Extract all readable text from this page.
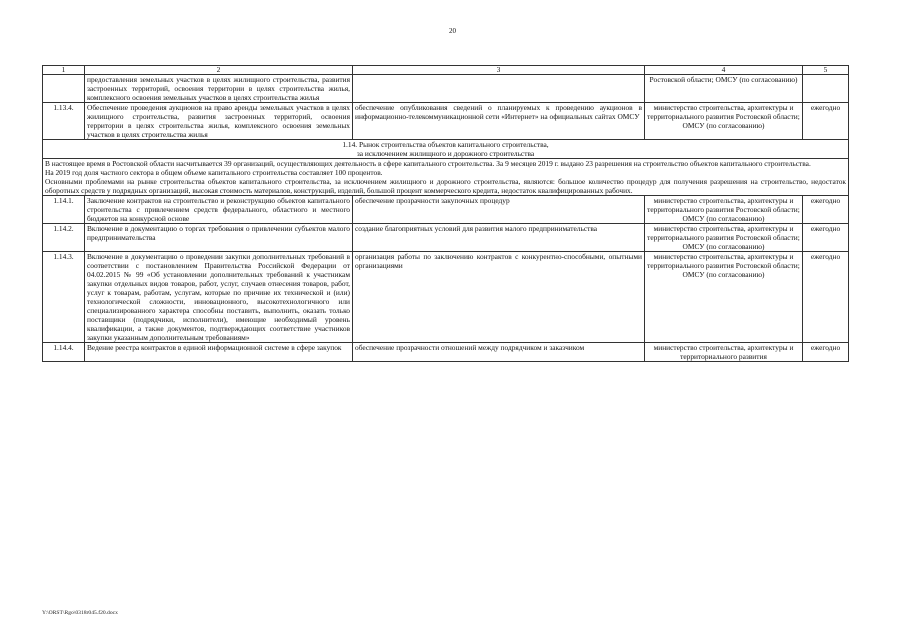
20
1	2	3	4	5
	предоставления земельных участков в целях жилищного строительства, развития застроенных территорий, освоения территории в целях строительства жилья, комплексного освоения земельных участков в целях строительства жилья		Ростовской области; ОМСУ (по согласованию)	
1.13.4.	Обеспечение проведения аукционов на право аренды земельных участков в целях жилищного строительства, развития застроенных территорий, освоения территории в целях строительства жилья, комплексного освоения земельных участков в целях строительства жилья	обеспечение опубликования сведений о планируемых к проведению аукционов в информационно-телекоммуникационной сети «Интернет» на официальных сайтах ОМСУ	министерство строительства, архитектуры и территориального развития Ростовской области; ОМСУ (по согласованию)	ежегодно

1.14. Рынок строительства объектов капитального строительства,
за исключением жилищного и дорожного строительства				

В настоящее время в Ростовской области насчитывается 39 организаций, осуществляющих деятельность в сфере капитального строительства. За 9 месяцев 2019 г. выдано 23 разрешения на строительство объектов капитального строительства.
На 2019 год доля частного сектора в общем объеме капитального строительства составляет 100 процентов.
Основными проблемами на рынке строительства объектов капитального строительства, за исключением жилищного и дорожного строительства, являются: большое количество процедур для получения разрешения на строительство, недостаток оборотных средств у подрядных организаций, высокая стоимость материалов, конструкций, изделий, большой процент коммерческого кредита, недостаток квалифицированных рабочих.				

1.14.1.	Заключение контрактов на строительство и реконструкцию объектов капитального строительства с привлечением средств федерального, областного и местного бюджетов на конкурсной основе	обеспечение прозрачности закупочных процедур	министерство строительства, архитектуры и территориального развития Ростовской области; ОМСУ (по согласованию)	ежегодно
1.14.2.	Включение в документацию о торгах требования о привлечении субъектов малого предпринимательства	создание благоприятных условий для развития малого предпринимательства	министерство строительства, архитектуры и территориального развития Ростовской области; ОМСУ (по согласованию)	ежегодно
1.14.3.	Включение в документацию о проведении закупки дополнительных требований в соответствии с постановлением Правительства Российской Федерации от 04.02.2015 № 99 «Об установлении дополнительных требований к участникам закупки отдельных видов товаров, работ, услуг, случаев отнесения товаров, работ, услуг к товарам, работам, услугам, которые по причине их технической и (или) технологической сложности, инновационного, высокотехнологичного или специализированного характера способны поставить, выполнить, оказать только поставщики (подрядчики, исполнители), имеющие необходимый уровень квалификации, а также документов, подтверждающих соответствие участников закупки указанным дополнительным требованиям»	организация работы по заключению контрактов с конкурентно-способными, опытными организациями	министерство строительства, архитектуры и территориального развития Ростовской области; ОМСУ (по согласованию)	ежегодно
1.14.4.	Ведение реестра контрактов в единой информационной системе в сфере закупок	обеспечение прозрачности отношений между подрядчиком и заказчиком	министерство строительства, архитектуры и территориального развития	ежегодно
Y:\ORST\Rgo\0318r045.f20.docx
